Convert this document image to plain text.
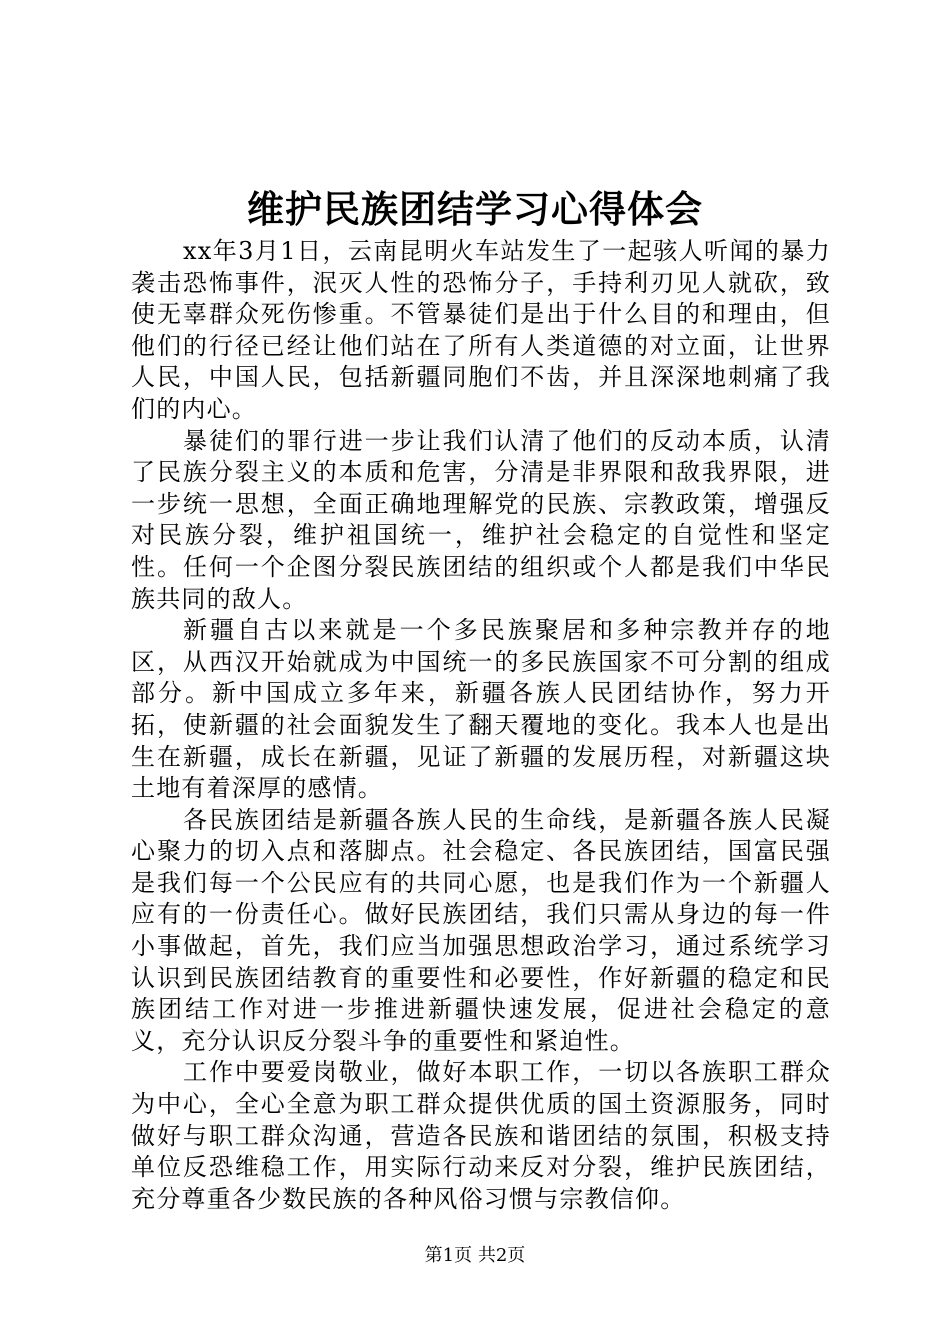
维护民族团结学习心得体会

xx年3月1日，云南昆明火车站发生了一起骇人听闻的暴力袭击恐怖事件，泯灭人性的恐怖分子，手持利刃见人就砍，致使无辜群众死伤惨重。不管暴徒们是出于什么目的和理由，但他们的行径已经让他们站在了所有人类道德的对立面，让世界人民，中国人民，包括新疆同胞们不齿，并且深深地刺痛了我们的内心。

暴徒们的罪行进一步让我们认清了他们的反动本质，认清了民族分裂主义的本质和危害，分清是非界限和敌我界限，进一步统一思想，全面正确地理解党的民族、宗教政策，增强反对民族分裂，维护祖国统一，维护社会稳定的自觉性和坚定性。任何一个企图分裂民族团结的组织或个人都是我们中华民族共同的敌人。

新疆自古以来就是一个多民族聚居和多种宗教并存的地区，从西汉开始就成为中国统一的多民族国家不可分割的组成部分。新中国成立多年来，新疆各族人民团结协作，努力开拓，使新疆的社会面貌发生了翻天覆地的变化。我本人也是出生在新疆，成长在新疆，见证了新疆的发展历程，对新疆这块土地有着深厚的感情。

各民族团结是新疆各族人民的生命线，是新疆各族人民凝心聚力的切入点和落脚点。社会稳定、各民族团结，国富民强是我们每一个公民应有的共同心愿，也是我们作为一个新疆人应有的一份责任心。做好民族团结，我们只需从身边的每一件小事做起，首先，我们应当加强思想政治学习，通过系统学习认识到民族团结教育的重要性和必要性，作好新疆的稳定和民族团结工作对进一步推进新疆快速发展，促进社会稳定的意义，充分认识反分裂斗争的重要性和紧迫性。

工作中要爱岗敬业，做好本职工作，一切以各族职工群众为中心，全心全意为职工群众提供优质的国土资源服务，同时做好与职工群众沟通，营造各民族和谐团结的氛围，积极支持单位反恐维稳工作，用实际行动来反对分裂，维护民族团结，充分尊重各少数民族的各种风俗习惯与宗教信仰。

第1页 共2页
